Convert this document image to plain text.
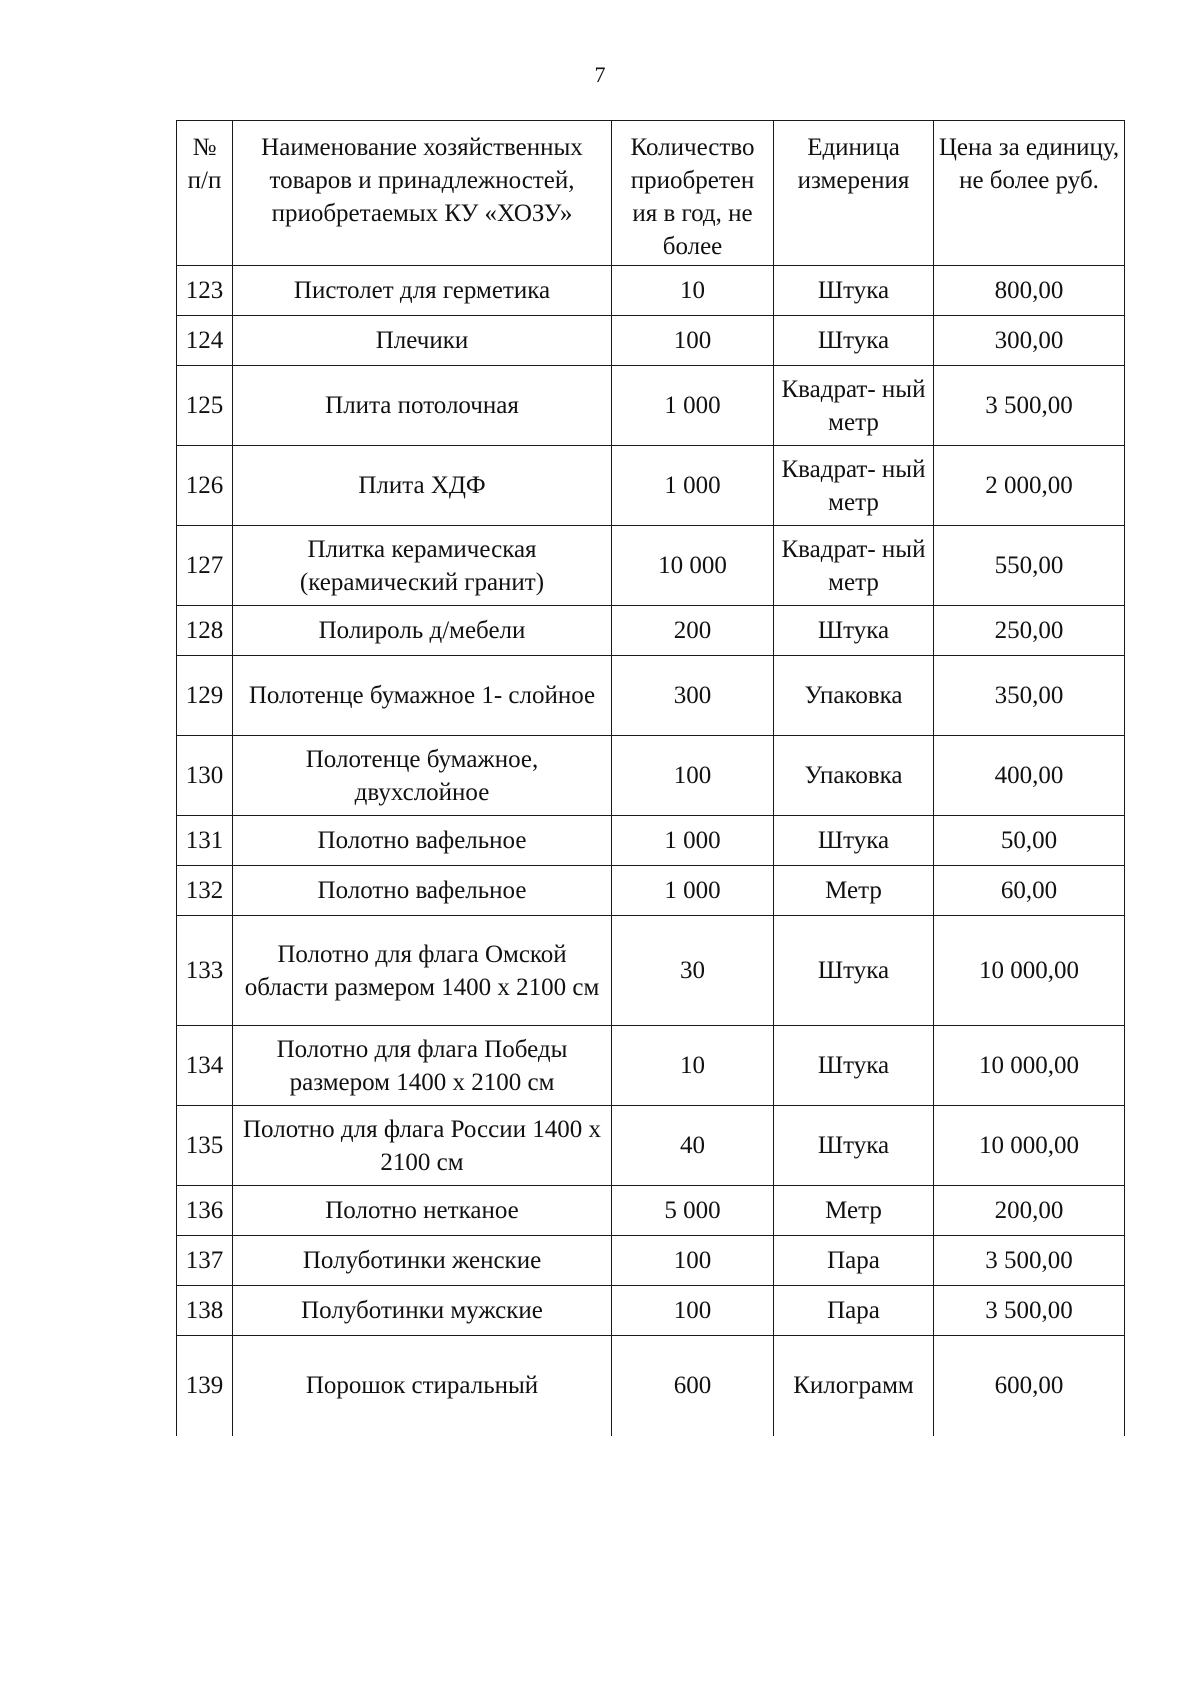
7
№ п/п	Наименование хозяйственных товаров и принадлежностей, приобретаемых КУ «ХОЗУ»	Количество приобретен ия в год, не более	Единица измерения	Цена за единицу, не более руб.
123	Пистолет для герметика	10	Штука	800,00
124	Плечики	100	Штука	300,00
125	Плита потолочная	1 000	Квадрат- ный метр	3 500,00
126	Плита ХДФ	1 000	Квадрат- ный метр	2 000,00
127	Плитка керамическая (керамический гранит)	10 000	Квадрат- ный метр	550,00
128	Полироль д/мебели	200	Штука	250,00
129	Полотенце бумажное 1- слойное	300	Упаковка	350,00
130	Полотенце бумажное, двухслойное	100	Упаковка	400,00
131	Полотно вафельное	1 000	Штука	50,00
132	Полотно вафельное	1 000	Метр	60,00
133	Полотно для флага Омской области размером 1400 х 2100 см	30	Штука	10 000,00
134	Полотно для флага Победы размером 1400 х 2100 см	10	Штука	10 000,00
135	Полотно для флага России 1400 х 2100 см	40	Штука	10 000,00
136	Полотно нетканое	5 000	Метр	200,00
137	Полуботинки женские	100	Пара	3 500,00
138	Полуботинки мужские	100	Пара	3 500,00
139	Порошок стиральный	600	Килограмм	600,00
